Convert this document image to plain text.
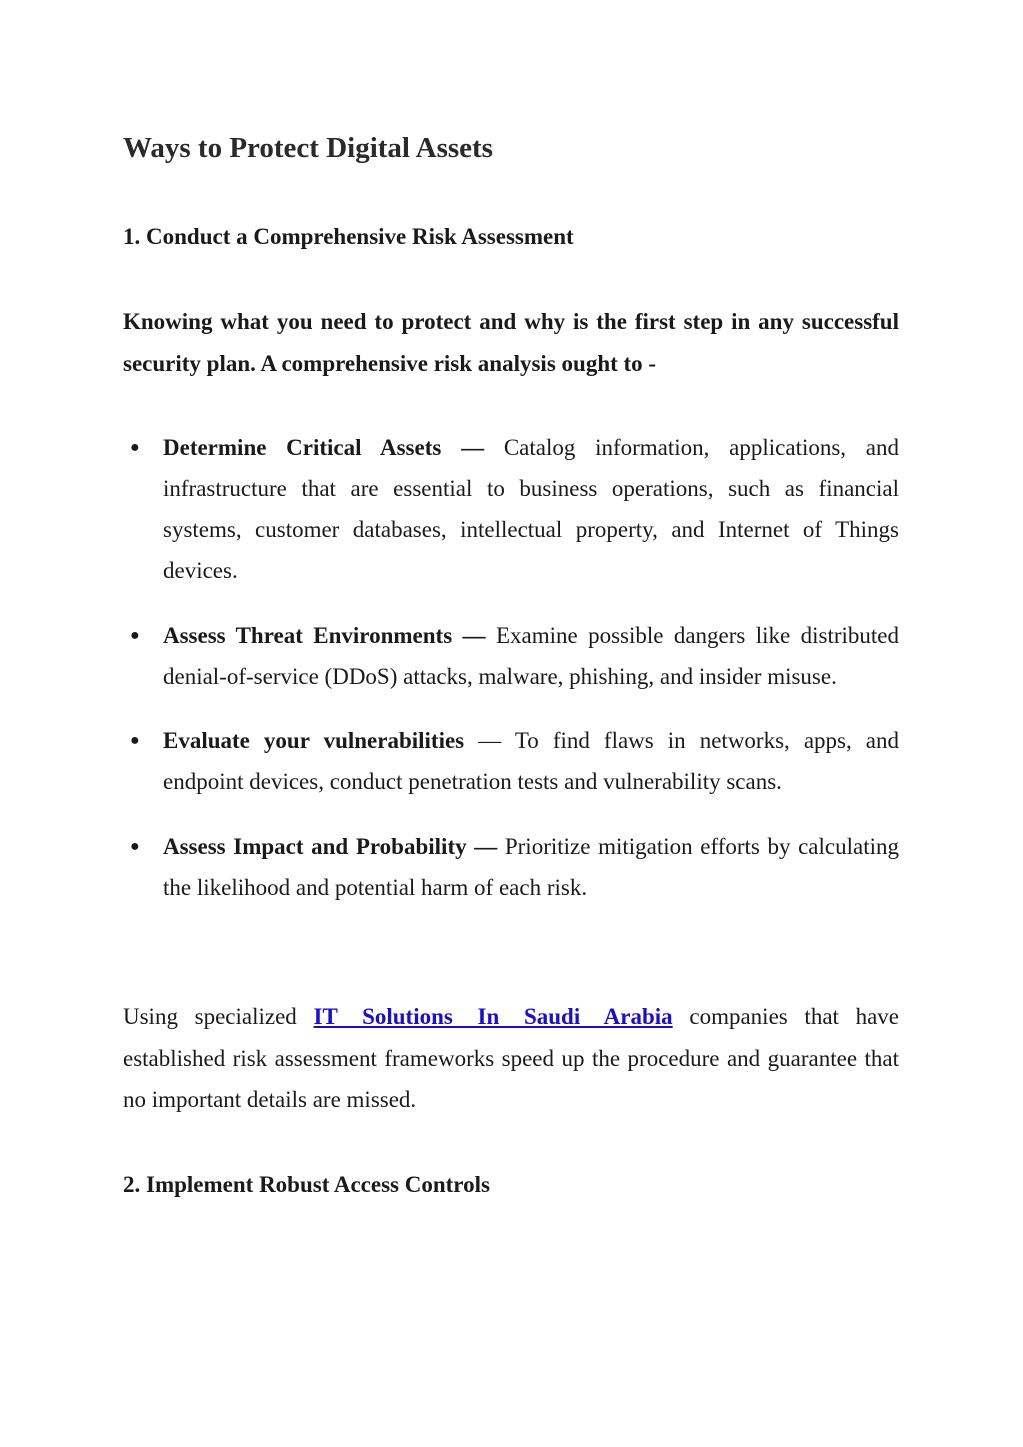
Ways to Protect Digital Assets
1. Conduct a Comprehensive Risk Assessment

Knowing what you need to protect and why is the first step in any successful security plan. A comprehensive risk analysis ought to -

● Determine Critical Assets — Catalog information, applications, and infrastructure that are essential to business operations, such as financial systems, customer databases, intellectual property, and Internet of Things devices.
● Assess Threat Environments — Examine possible dangers like distributed denial-of-service (DDoS) attacks, malware, phishing, and insider misuse.
● Evaluate your vulnerabilities — To find flaws in networks, apps, and endpoint devices, conduct penetration tests and vulnerability scans.
● Assess Impact and Probability — Prioritize mitigation efforts by calculating the likelihood and potential harm of each risk.

Using specialized IT Solutions In Saudi Arabia companies that have established risk assessment frameworks speed up the procedure and guarantee that no important details are missed.

2. Implement Robust Access Controls
